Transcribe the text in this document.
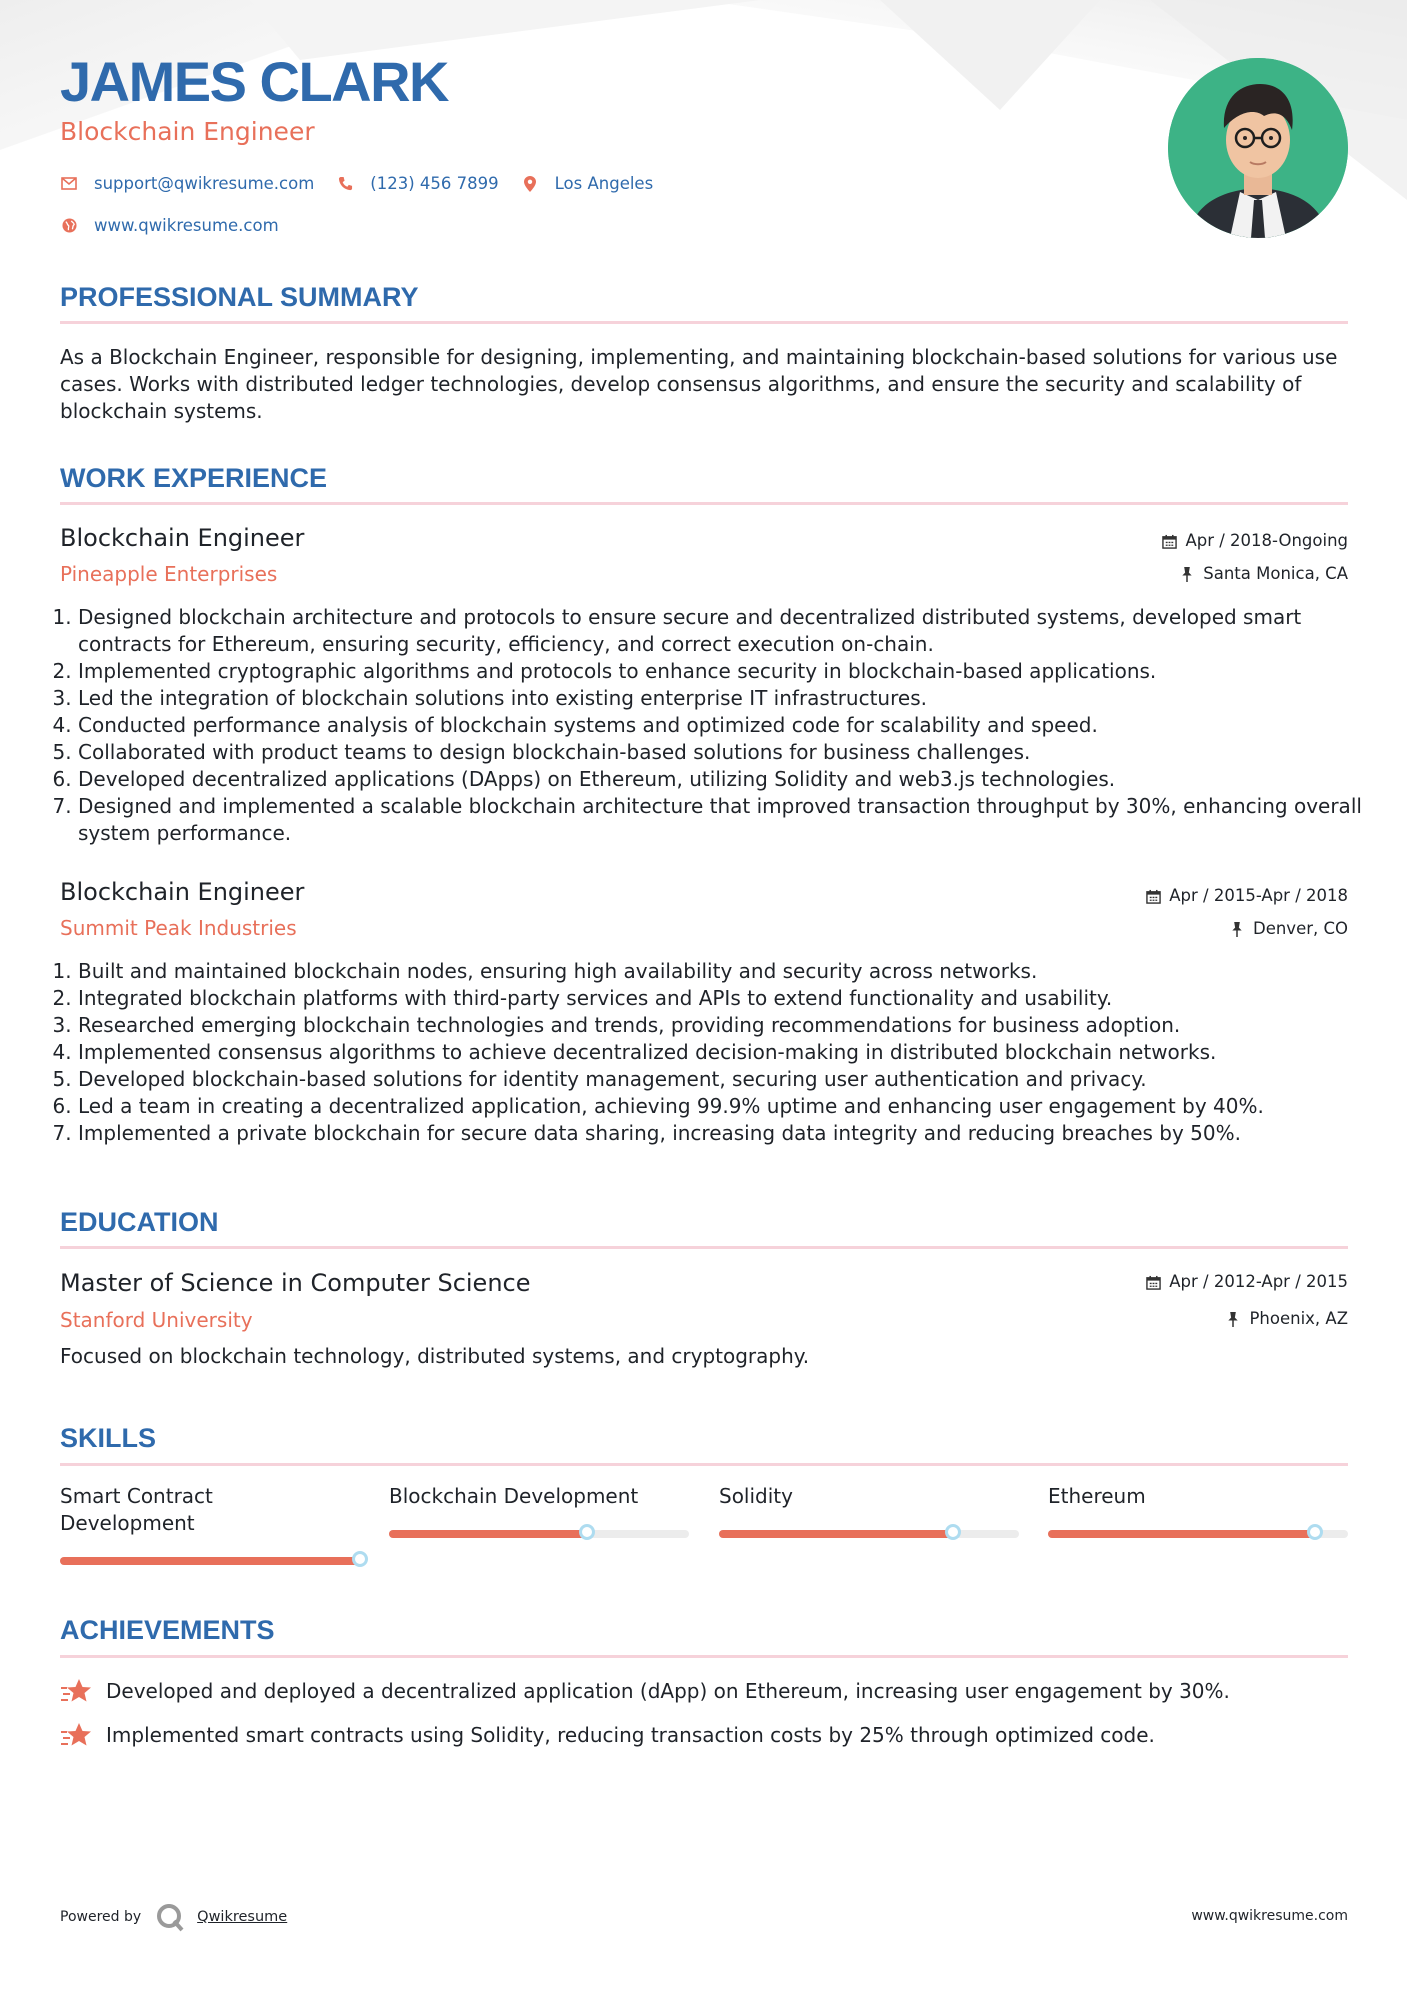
JAMES CLARK
Blockchain Engineer
support@qwikresume.com	(123) 456 7899	Los Angeles
www.qwikresume.com
PROFESSIONAL SUMMARY
As a Blockchain Engineer, responsible for designing, implementing, and maintaining blockchain-based solutions for various use cases. Works with distributed ledger technologies, develop consensus algorithms, and ensure the security and scalability of blockchain systems.
WORK EXPERIENCE
Blockchain Engineer
Pineapple Enterprises
Apr / 2018-Ongoing
Santa Monica, CA
1. Designed blockchain architecture and protocols to ensure secure and decentralized distributed systems, developed smart contracts for Ethereum, ensuring security, efficiency, and correct execution on-chain.
2. Implemented cryptographic algorithms and protocols to enhance security in blockchain-based applications.
3. Led the integration of blockchain solutions into existing enterprise IT infrastructures.
4. Conducted performance analysis of blockchain systems and optimized code for scalability and speed.
5. Collaborated with product teams to design blockchain-based solutions for business challenges.
6. Developed decentralized applications (DApps) on Ethereum, utilizing Solidity and web3.js technologies.
7. Designed and implemented a scalable blockchain architecture that improved transaction throughput by 30%, enhancing overall system performance.
Blockchain Engineer
Summit Peak Industries
Apr / 2015-Apr / 2018
Denver, CO
1. Built and maintained blockchain nodes, ensuring high availability and security across networks.
2. Integrated blockchain platforms with third-party services and APIs to extend functionality and usability.
3. Researched emerging blockchain technologies and trends, providing recommendations for business adoption.
4. Implemented consensus algorithms to achieve decentralized decision-making in distributed blockchain networks.
5. Developed blockchain-based solutions for identity management, securing user authentication and privacy.
6. Led a team in creating a decentralized application, achieving 99.9% uptime and enhancing user engagement by 40%.
7. Implemented a private blockchain for secure data sharing, increasing data integrity and reducing breaches by 50%.
EDUCATION
Master of Science in Computer Science
Stanford University
Apr / 2012-Apr / 2015
Phoenix, AZ
Focused on blockchain technology, distributed systems, and cryptography.
SKILLS
Smart Contract Development
Blockchain Development	Solidity	Ethereum
ACHIEVEMENTS
Developed and deployed a decentralized application (dApp) on Ethereum, increasing user engagement by 30%.
Implemented smart contracts using Solidity, reducing transaction costs by 25% through optimized code.
Powered by	Qwikresume	www.qwikresume.com
